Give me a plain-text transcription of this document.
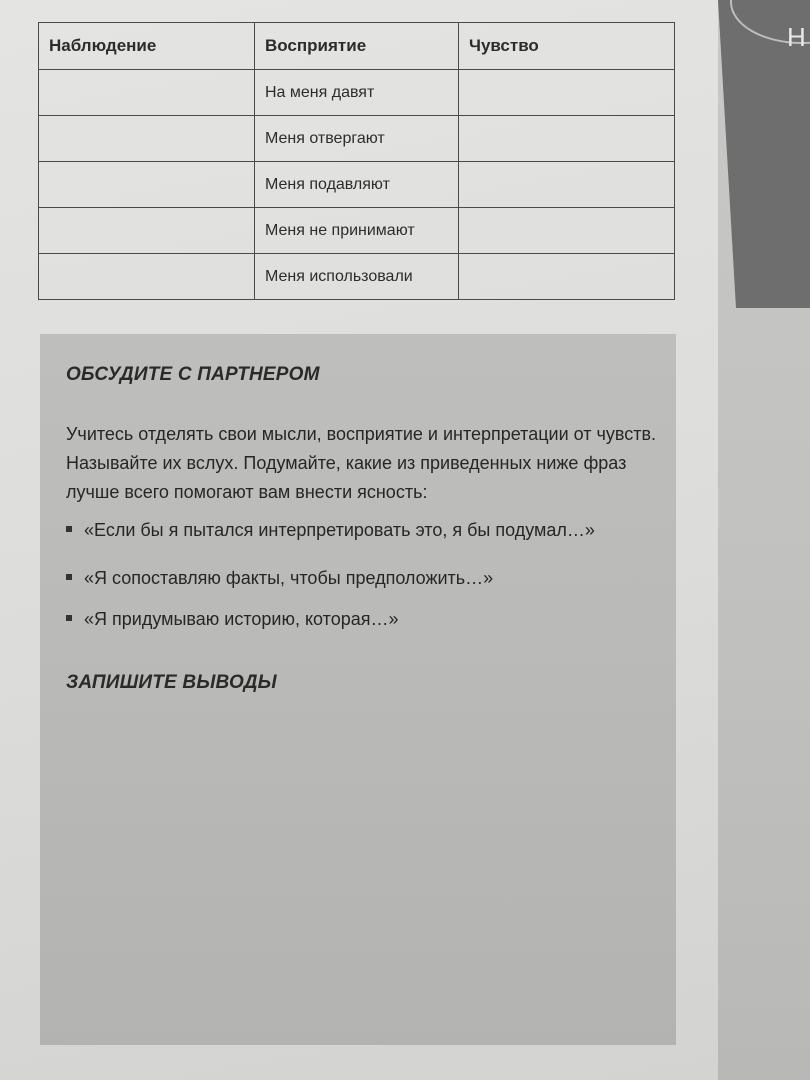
Н
Наблюдение	Восприятие	Чувство
	На меня давят	
	Меня отвергают	
	Меня подавляют	
	Меня не принимают	
	Меня использовали	
ОБСУДИТЕ С ПАРТНЕРОМ

Учитесь отделять свои мысли, восприятие и интерпретации от чувств. Называйте их вслух. Подумайте, какие из приведенных ниже фраз лучше всего помогают вам внести ясность:

«Если бы я пытался интерпретировать это, я бы подумал…»
«Я сопоставляю факты, чтобы предположить…»
«Я придумываю историю, которая…»
ЗАПИШИТЕ ВЫВОДЫ
